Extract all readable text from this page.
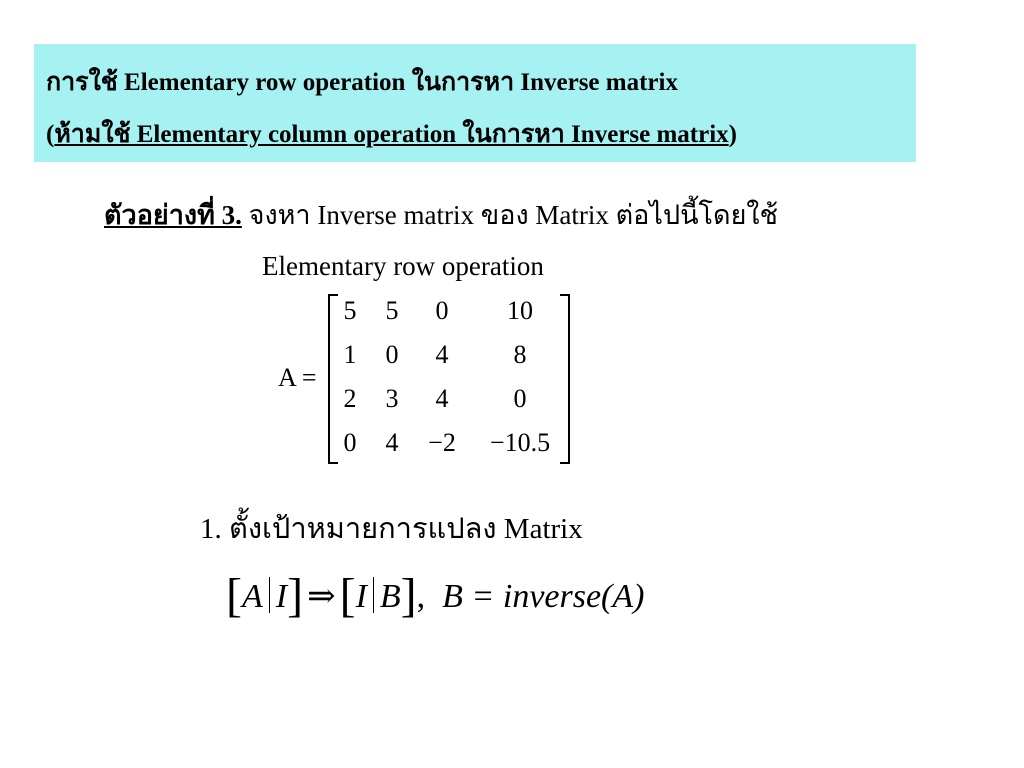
การใช้ Elementary row operation ในการหา Inverse matrix
(ห้ามใช้ Elementary column operation ในการหา Inverse matrix)
ตัวอย่างที่ 3. จงหา Inverse matrix ของ Matrix ต่อไปนี้โดยใช้
Elementary row operation
A =
5	5	0	10
1	0	4	8
2	3	4	0
0	4	−2	−10.5
1. ตั้งเป้าหมายการแปลง Matrix
[A I] ⇒[I B], B = inverse(A)
